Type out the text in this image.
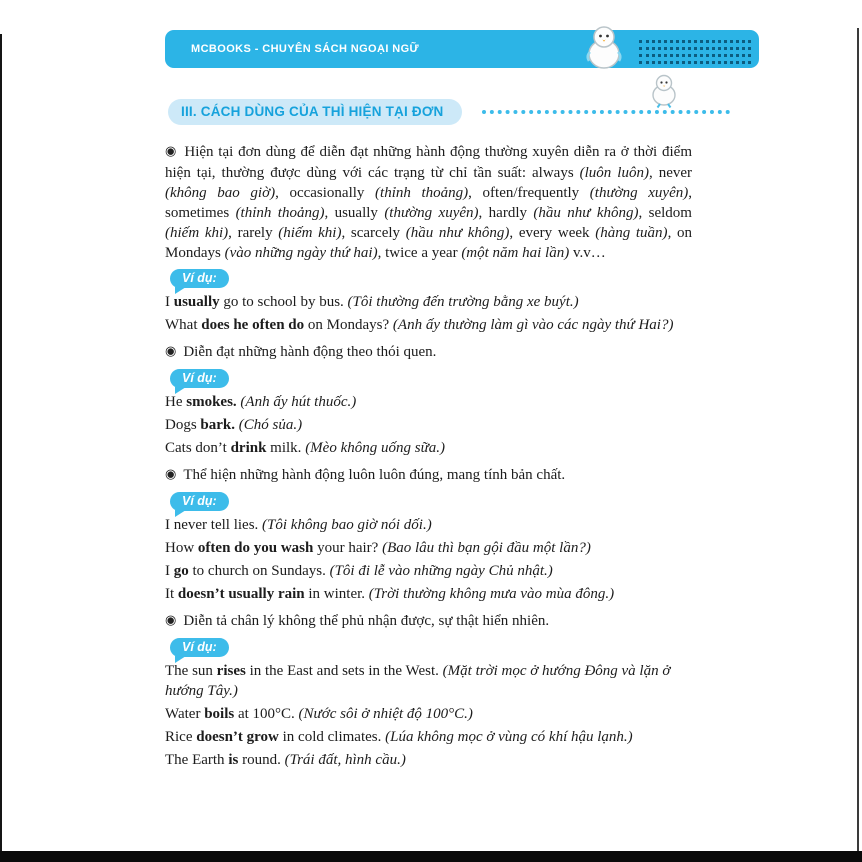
MCBOOKS - CHUYÊN SÁCH NGOẠI NGỮ
III. CÁCH DÙNG CỦA THÌ HIỆN TẠI ĐƠN

◉ Hiện tại đơn dùng để diễn đạt những hành động thường xuyên diễn ra ở thời điểm hiện tại, thường được dùng với các trạng từ chỉ tần suất: always (luôn luôn), never (không bao giờ), occasionally (thỉnh thoảng), often/frequently (thường xuyên), sometimes (thỉnh thoảng), usually (thường xuyên), hardly (hầu như không), seldom (hiếm khi), rarely (hiếm khi), scarcely (hầu như không), every week (hàng tuần), on Mondays (vào những ngày thứ hai), twice a year (một năm hai lần) v.v…

Ví dụ:

I usually go to school by bus. (Tôi thường đến trường bằng xe buýt.)

What does he often do on Mondays? (Anh ấy thường làm gì vào các ngày thứ Hai?)

◉ Diễn đạt những hành động theo thói quen.

Ví dụ:

He smokes. (Anh ấy hút thuốc.)

Dogs bark. (Chó sủa.)

Cats don’t drink milk. (Mèo không uống sữa.)

◉ Thể hiện những hành động luôn luôn đúng, mang tính bản chất.

Ví dụ:

I never tell lies. (Tôi không bao giờ nói dối.)

How often do you wash your hair? (Bao lâu thì bạn gội đầu một lần?)

I go to church on Sundays. (Tôi đi lễ vào những ngày Chủ nhật.)

It doesn’t usually rain in winter. (Trời thường không mưa vào mùa đông.)

◉ Diễn tả chân lý không thể phủ nhận được, sự thật hiển nhiên.

Ví dụ:

The sun rises in the East and sets in the West. (Mặt trời mọc ở hướng Đông và lặn ở hướng Tây.)

Water boils at 100°C. (Nước sôi ở nhiệt độ 100°C.)

Rice doesn’t grow in cold climates. (Lúa không mọc ở vùng có khí hậu lạnh.)

The Earth is round. (Trái đất, hình cầu.)
